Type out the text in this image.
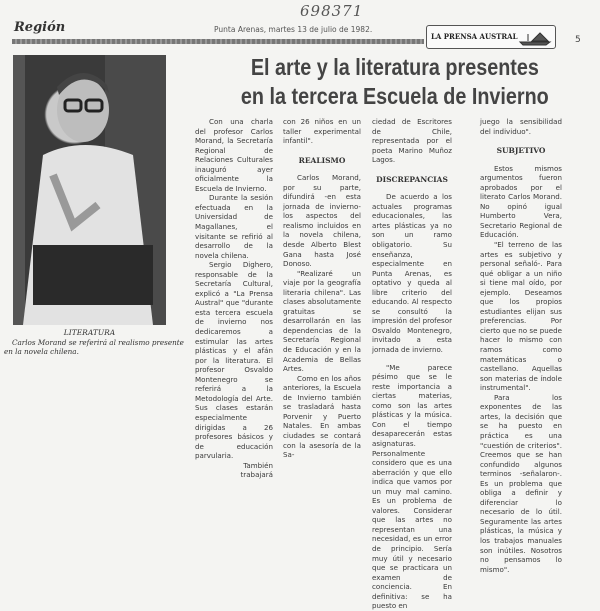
698371
Región	Punta Arenas, martes 13 de julio de 1982.
LA PRENSA AUSTRAL	5
LITERATURA
Carlos Morand se referirá al realismo presente en la novela chilena.
El arte y la literatura presentes
en la tercera Escuela de Invierno

Con una charla del profesor Carlos Morand, la Secretaría Regional de Relaciones Culturales inauguró ayer oficialmente la Escuela de Invierno.

Durante la sesión efectuada en la Universidad de Magallanes, el visitante se refirió al desarrollo de la novela chilena.

Sergio Dighero, responsable de la Secretaría Cultural, explicó a "La Prensa Austral" que "durante esta tercera escuela de invierno nos dedicaremos a estimular las artes plásticas y el afán por la literatura. El profesor Osvaldo Montenegro se referirá a la Metodología del Arte. Sus clases estarán especialmente dirigidas a 26 profesores básicos y de educación parvularia.

También trabajará

con 26 niños en un taller experimental infantil".

REALISMO

Carlos Morand, por su parte, difundirá -en esta jornada de invierno- los aspectos del realismo incluidos en la novela chilena, desde Alberto Blest Gana hasta José Donoso.

"Realizaré un viaje por la geografía literaria chilena". Las clases absolutamente gratuitas se desarrollarán en las dependencias de la Secretaría Regional de Educación y en la Academia de Bellas Artes.

Como en los años anteriores, la Escuela de Invierno también se trasladará hasta Porvenir y Puerto Natales. En ambas ciudades se contará con la asesoría de la Sa-

ciedad de Escritores de Chile, representada por el poeta Marino Muñoz Lagos.

DISCREPANCIAS

De acuerdo a los actuales programas educacionales, las artes plásticas ya no son un ramo obligatorio. Su enseñanza, especialmente en Punta Arenas, es optativo y queda al libre criterio del educando. Al respecto se consultó la impresión del profesor Osvaldo Montenegro, invitado a esta jornada de invierno.

"Me parece pésimo que se le reste importancia a ciertas materias, como son las artes plásticas y la música. Con el tiempo desaparecerán estas asignaturas. Personalmente considero que es una aberración y que ello indica que vamos por un muy mal camino. Es un problema de valores. Considerar que las artes no representan una necesidad, es un error de principio. Sería muy útil y necesario que se practicara un examen de conciencia. En definitiva: se ha puesto en

juego la sensibilidad del individuo".

SUBJETIVO

Estos mismos argumentos fueron aprobados por el literato Carlos Morand. No opinó igual Humberto Vera, Secretario Regional de Educación.

"El terreno de las artes es subjetivo y personal señaló-. Para qué obligar a un niño si tiene mal oído, por ejemplo. Deseamos que los propios estudiantes elijan sus preferencias. Por cierto que no se puede hacer lo mismo con ramos como matemáticas o castellano. Aquellas son materias de índole instrumental".

Para los exponentes de las artes, la decisión que se ha puesto en práctica es una "cuestión de criterios". Creemos que se han confundido algunos terminos -señalaron-. Es un problema que obliga a definir y diferenciar lo necesario de lo útil. Seguramente las artes plásticas, la música y los trabajos manuales son inútiles. Nosotros no pensamos lo mismo".
